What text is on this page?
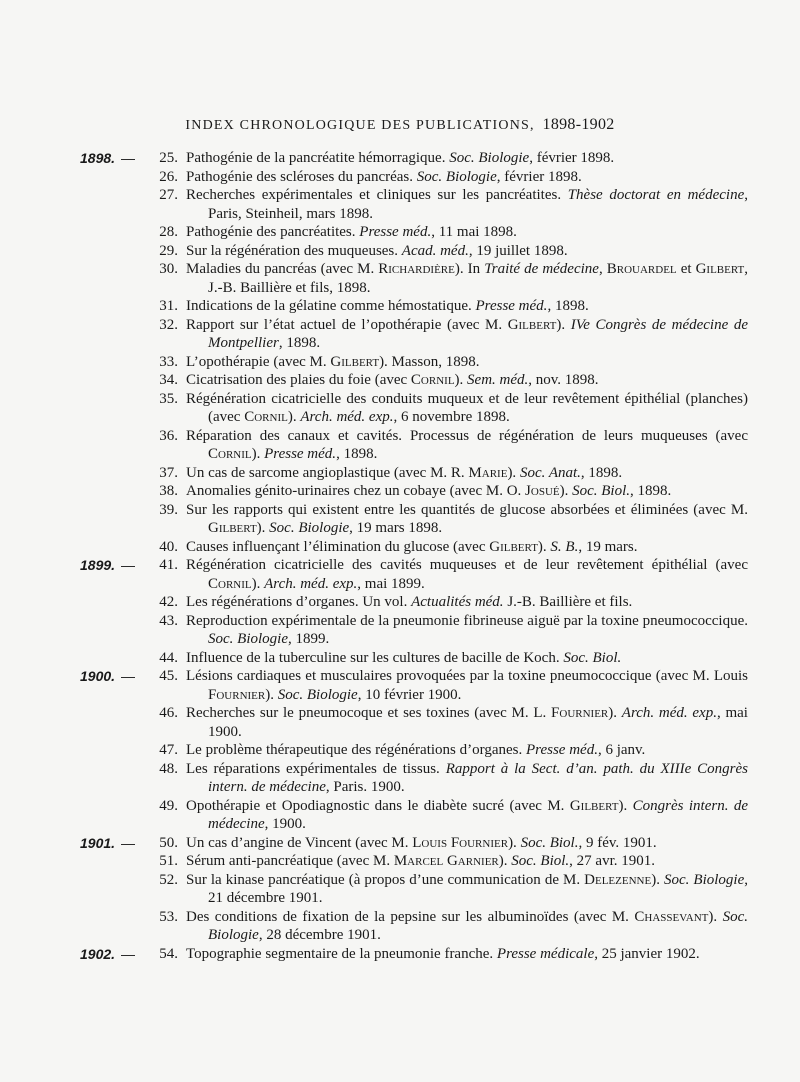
INDEX CHRONOLOGIQUE DES PUBLICATIONS, 1898-1902
1898. —	25. Pathogénie de la pancréatite hémorragique. Soc. Biologie, février 1898.
26. Pathogénie des scléroses du pancréas. Soc. Biologie, février 1898.
27. Recherches expérimentales et cliniques sur les pancréatites. Thèse doctorat en médecine, Paris, Steinheil, mars 1898.
28. Pathogénie des pancréatites. Presse méd., 11 mai 1898.
29. Sur la régénération des muqueuses. Acad. méd., 19 juillet 1898.
30. Maladies du pancréas (avec M. Richardière). In Traité de médecine, Brouardel et Gilbert, J.-B. Baillière et fils, 1898.
31. Indications de la gélatine comme hémostatique. Presse méd., 1898.
32. Rapport sur l’état actuel de l’opothérapie (avec M. Gilbert). IVe Congrès de médecine de Montpellier, 1898.
33. L’opothérapie (avec M. Gilbert). Masson, 1898.
34. Cicatrisation des plaies du foie (avec Cornil). Sem. méd., nov. 1898.
35. Régénération cicatricielle des conduits muqueux et de leur revêtement épithélial (planches) (avec Cornil). Arch. méd. exp., 6 novembre 1898.
36. Réparation des canaux et cavités. Processus de régénération de leurs muqueuses (avec Cornil). Presse méd., 1898.
37. Un cas de sarcome angioplastique (avec M. R. Marie). Soc. Anat., 1898.
38. Anomalies génito-urinaires chez un cobaye (avec M. O. Josué). Soc. Biol., 1898.
39. Sur les rapports qui existent entre les quantités de glucose absorbées et éliminées (avec M. Gilbert). Soc. Biologie, 19 mars 1898.
40. Causes influençant l’élimination du glucose (avec Gilbert). S. B., 19 mars.
1899. —	41. Régénération cicatricielle des cavités muqueuses et de leur revêtement épithélial (avec Cornil). Arch. méd. exp., mai 1899.
42. Les régénérations d’organes. Un vol. Actualités méd. J.-B. Baillière et fils.
43. Reproduction expérimentale de la pneumonie fibrineuse aiguë par la toxine pneumococcique. Soc. Biologie, 1899.
44. Influence de la tuberculine sur les cultures de bacille de Koch. Soc. Biol.
1900. —	45. Lésions cardiaques et musculaires provoquées par la toxine pneumococcique (avec M. Louis Fournier). Soc. Biologie, 10 février 1900.
46. Recherches sur le pneumocoque et ses toxines (avec M. L. Fournier). Arch. méd. exp., mai 1900.
47. Le problème thérapeutique des régénérations d’organes. Presse méd., 6 janv.
48. Les réparations expérimentales de tissus. Rapport à la Sect. d’an. path. du XIIIe Congrès intern. de médecine, Paris. 1900.
49. Opothérapie et Opodiagnostic dans le diabète sucré (avec M. Gilbert). Congrès intern. de médecine, 1900.
1901. —	50. Un cas d’angine de Vincent (avec M. Louis Fournier). Soc. Biol., 9 fév. 1901.
51. Sérum anti-pancréatique (avec M. Marcel Garnier). Soc. Biol., 27 avr. 1901.
52. Sur la kinase pancréatique (à propos d’une communication de M. Delezenne). Soc. Biologie, 21 décembre 1901.
53. Des conditions de fixation de la pepsine sur les albuminoïdes (avec M. Chassevant). Soc. Biologie, 28 décembre 1901.
1902. —	54. Topographie segmentaire de la pneumonie franche. Presse médicale, 25 janvier 1902.
